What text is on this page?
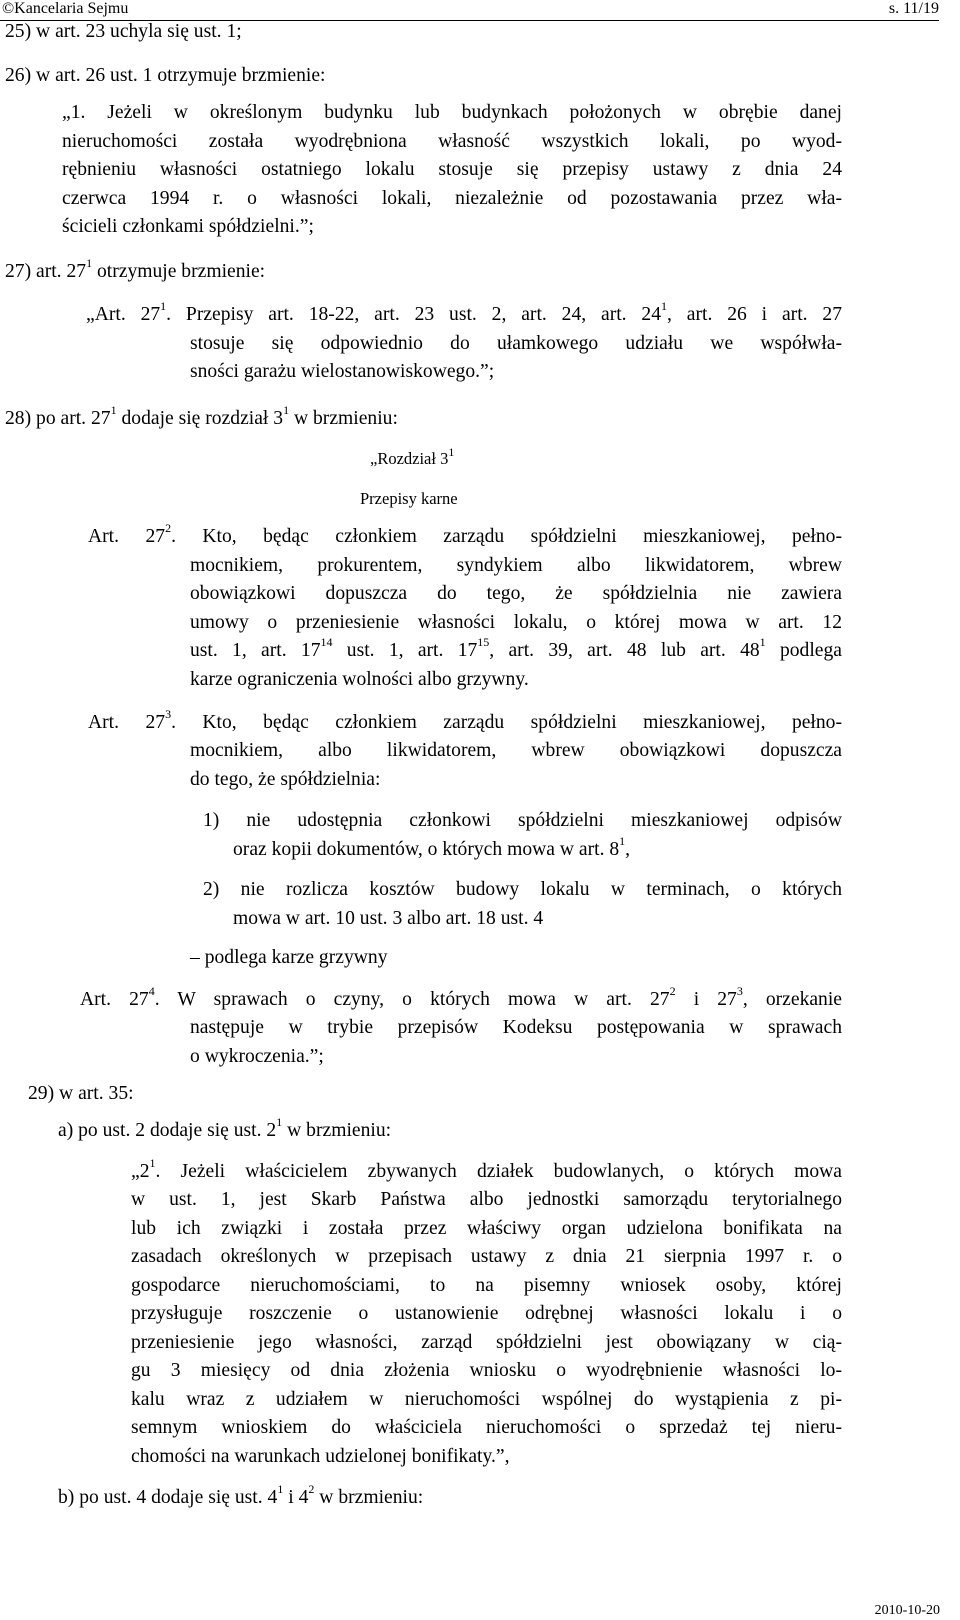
©Kancelaria Sejmu	s. 11/19
25) w art. 23 uchyla się ust. 1;
26) w art. 26 ust. 1 otrzymuje brzmienie:
„1. Jeżeli w określonym budynku lub budynkach położonych w obrębie danej
nieruchomości została wyodrębniona własność wszystkich lokali, po wyod-
rębnieniu własności ostatniego lokalu stosuje się przepisy ustawy z dnia 24
czerwca 1994 r. o własności lokali, niezależnie od pozostawania przez wła-
ścicieli członkami spółdzielni.”;
27) art. $27^1$ otrzymuje brzmienie:
„Art. $27^1$. Przepisy art. 18-22, art. 23 ust. 2, art. 24, art. $24^1$, art. 26 i art. 27
stosuje się odpowiednio do ułamkowego udziału we współwła-
sności garażu wielostanowiskowego.”;
28) po art. $27^1$ dodaje się rozdział $3^1$ w brzmieniu:
„Rozdział $3^1$
Przepisy karne
Art. $27^2$. Kto, będąc członkiem zarządu spółdzielni mieszkaniowej, pełno-
mocnikiem, prokurentem, syndykiem albo likwidatorem, wbrew
obowiązkowi dopuszcza do tego, że spółdzielnia nie zawiera
umowy o przeniesienie własności lokalu, o której mowa w art. 12
ust. 1, art. $17^{14}$ ust. 1, art. $17^{15}$, art. 39, art. 48 lub art. $48^1$ podlega
karze ograniczenia wolności albo grzywny.
Art. $27^3$. Kto, będąc członkiem zarządu spółdzielni mieszkaniowej, pełno-
mocnikiem, albo likwidatorem, wbrew obowiązkowi dopuszcza
do tego, że spółdzielnia:
1) nie udostępnia członkowi spółdzielni mieszkaniowej odpisów
oraz kopii dokumentów, o których mowa w art. $8^1$,
2) nie rozlicza kosztów budowy lokalu w terminach, o których
mowa w art. 10 ust. 3 albo art. 18 ust. 4
– podlega karze grzywny
Art. $27^4$. W sprawach o czyny, o których mowa w art. $27^2$ i $27^3$, orzekanie
następuje w trybie przepisów Kodeksu postępowania w sprawach
o wykroczenia.”;
29) w art. 35:
a) po ust. 2 dodaje się ust. $2^1$ w brzmieniu:
$„2^1$. Jeżeli właścicielem zbywanych działek budowlanych, o których mowa
w ust. 1, jest Skarb Państwa albo jednostki samorządu terytorialnego
lub ich związki i została przez właściwy organ udzielona bonifikata na
zasadach określonych w przepisach ustawy z dnia 21 sierpnia 1997 r. o
gospodarce nieruchomościami, to na pisemny wniosek osoby, której
przysługuje roszczenie o ustanowienie odrębnej własności lokalu i o
przeniesienie jego własności, zarząd spółdzielni jest obowiązany w cią-
gu 3 miesięcy od dnia złożenia wniosku o wyodrębnienie własności lo-
kalu wraz z udziałem w nieruchomości wspólnej do wystąpienia z pi-
semnym wnioskiem do właściciela nieruchomości o sprzedaż tej nieru-
chomości na warunkach udzielonej bonifikaty.”,
b) po ust. 4 dodaje się ust. $4^1$ i $4^2$ w brzmieniu:
2010-10-20
